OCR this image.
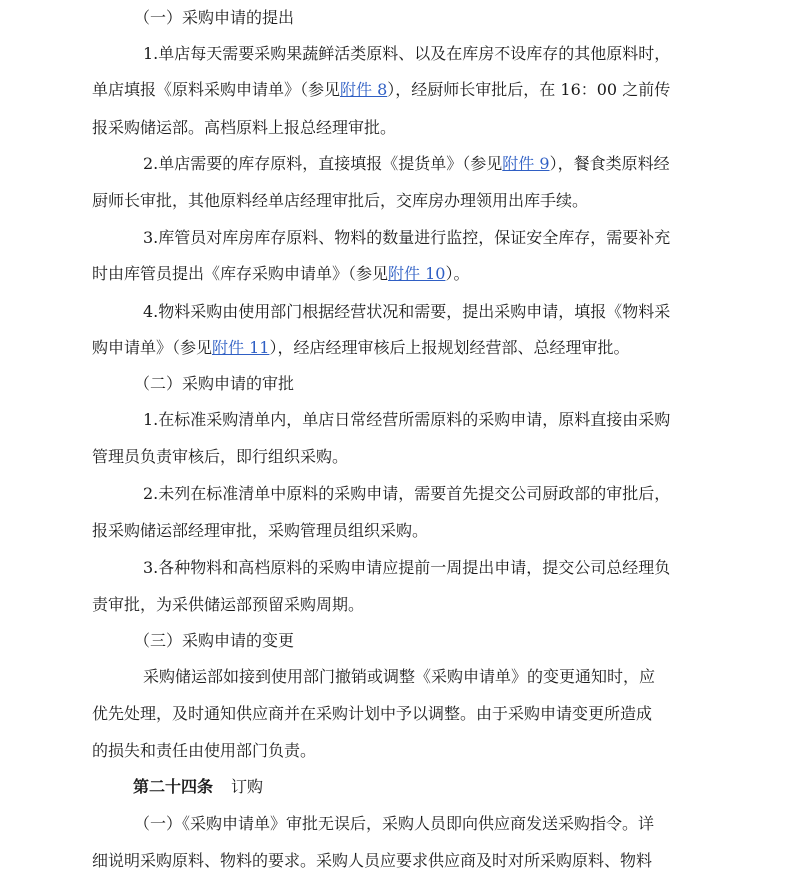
（一）采购申请的提出
1.单店每天需要采购果蔬鲜活类原料、以及在库房不设库存的其他原料时，
单店填报《原料采购申请单》（参见附件 8），经厨师长审批后，在 16：00 之前传
报采购储运部。高档原料上报总经理审批。
2.单店需要的库存原料，直接填报《提货单》（参见附件 9），餐食类原料经
厨师长审批，其他原料经单店经理审批后，交库房办理领用出库手续。
3.库管员对库房库存原料、物料的数量进行监控，保证安全库存，需要补充
时由库管员提出《库存采购申请单》（参见附件 10）。
4.物料采购由使用部门根据经营状况和需要，提出采购申请，填报《物料采
购申请单》（参见附件 11），经店经理审核后上报规划经营部、总经理审批。
（二）采购申请的审批
1.在标准采购清单内，单店日常经营所需原料的采购申请，原料直接由采购
管理员负责审核后，即行组织采购。
2.未列在标准清单中原料的采购申请，需要首先提交公司厨政部的审批后，
报采购储运部经理审批，采购管理员组织采购。
3.各种物料和高档原料的采购申请应提前一周提出申请，提交公司总经理负
责审批，为采供储运部预留采购周期。
（三）采购申请的变更
采购储运部如接到使用部门撤销或调整《采购申请单》的变更通知时，应
优先处理，及时通知供应商并在采购计划中予以调整。由于采购申请变更所造成
的损失和责任由使用部门负责。
第二十四条 订购
（一）《采购申请单》审批无误后，采购人员即向供应商发送采购指令。详
细说明采购原料、物料的要求。采购人员应要求供应商及时对所采购原料、物料
